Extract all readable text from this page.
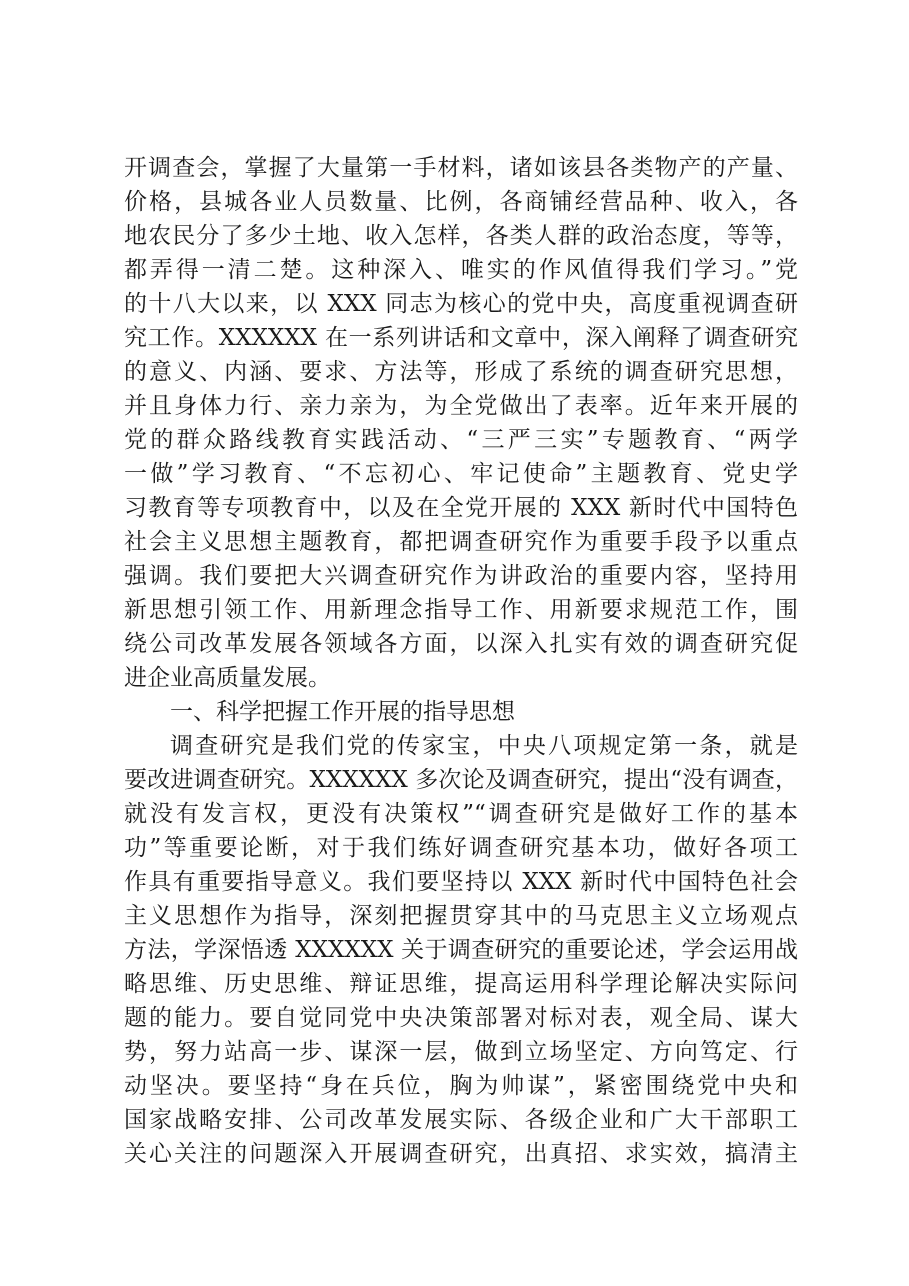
开调查会，掌握了大量第一手材料，诸如该县各类物产的产量、
价格，县城各业人员数量、比例，各商铺经营品种、收入，各
地农民分了多少土地、收入怎样，各类人群的政治态度，等等，
都弄得一清二楚。这种深入、唯实的作风值得我们学习。”党
的十八大以来，以 XXX 同志为核心的党中央，高度重视调查研
究工作。XXXXXX 在一系列讲话和文章中，深入阐释了调查研究
的意义、内涵、要求、方法等，形成了系统的调查研究思想，
并且身体力行、亲力亲为，为全党做出了表率。近年来开展的
党的群众路线教育实践活动、“三严三实”专题教育、“两学
一做”学习教育、“不忘初心、牢记使命”主题教育、党史学
习教育等专项教育中，以及在全党开展的 XXX 新时代中国特色
社会主义思想主题教育，都把调查研究作为重要手段予以重点
强调。我们要把大兴调查研究作为讲政治的重要内容，坚持用
新思想引领工作、用新理念指导工作、用新要求规范工作，围
绕公司改革发展各领域各方面，以深入扎实有效的调查研究促
进企业高质量发展。
一、科学把握工作开展的指导思想
调查研究是我们党的传家宝，中央八项规定第一条，就是
要改进调查研究。XXXXXX 多次论及调查研究，提出“没有调查，
就没有发言权，更没有决策权”“调查研究是做好工作的基本
功”等重要论断，对于我们练好调查研究基本功，做好各项工
作具有重要指导意义。我们要坚持以 XXX 新时代中国特色社会
主义思想作为指导，深刻把握贯穿其中的马克思主义立场观点
方法，学深悟透 XXXXXX 关于调查研究的重要论述，学会运用战
略思维、历史思维、辩证思维，提高运用科学理论解决实际问
题的能力。要自觉同党中央决策部署对标对表，观全局、谋大
势，努力站高一步、谋深一层，做到立场坚定、方向笃定、行
动坚决。要坚持“身在兵位，胸为帅谋”，紧密围绕党中央和
国家战略安排、公司改革发展实际、各级企业和广大干部职工
关心关注的问题深入开展调查研究，出真招、求实效，搞清主
